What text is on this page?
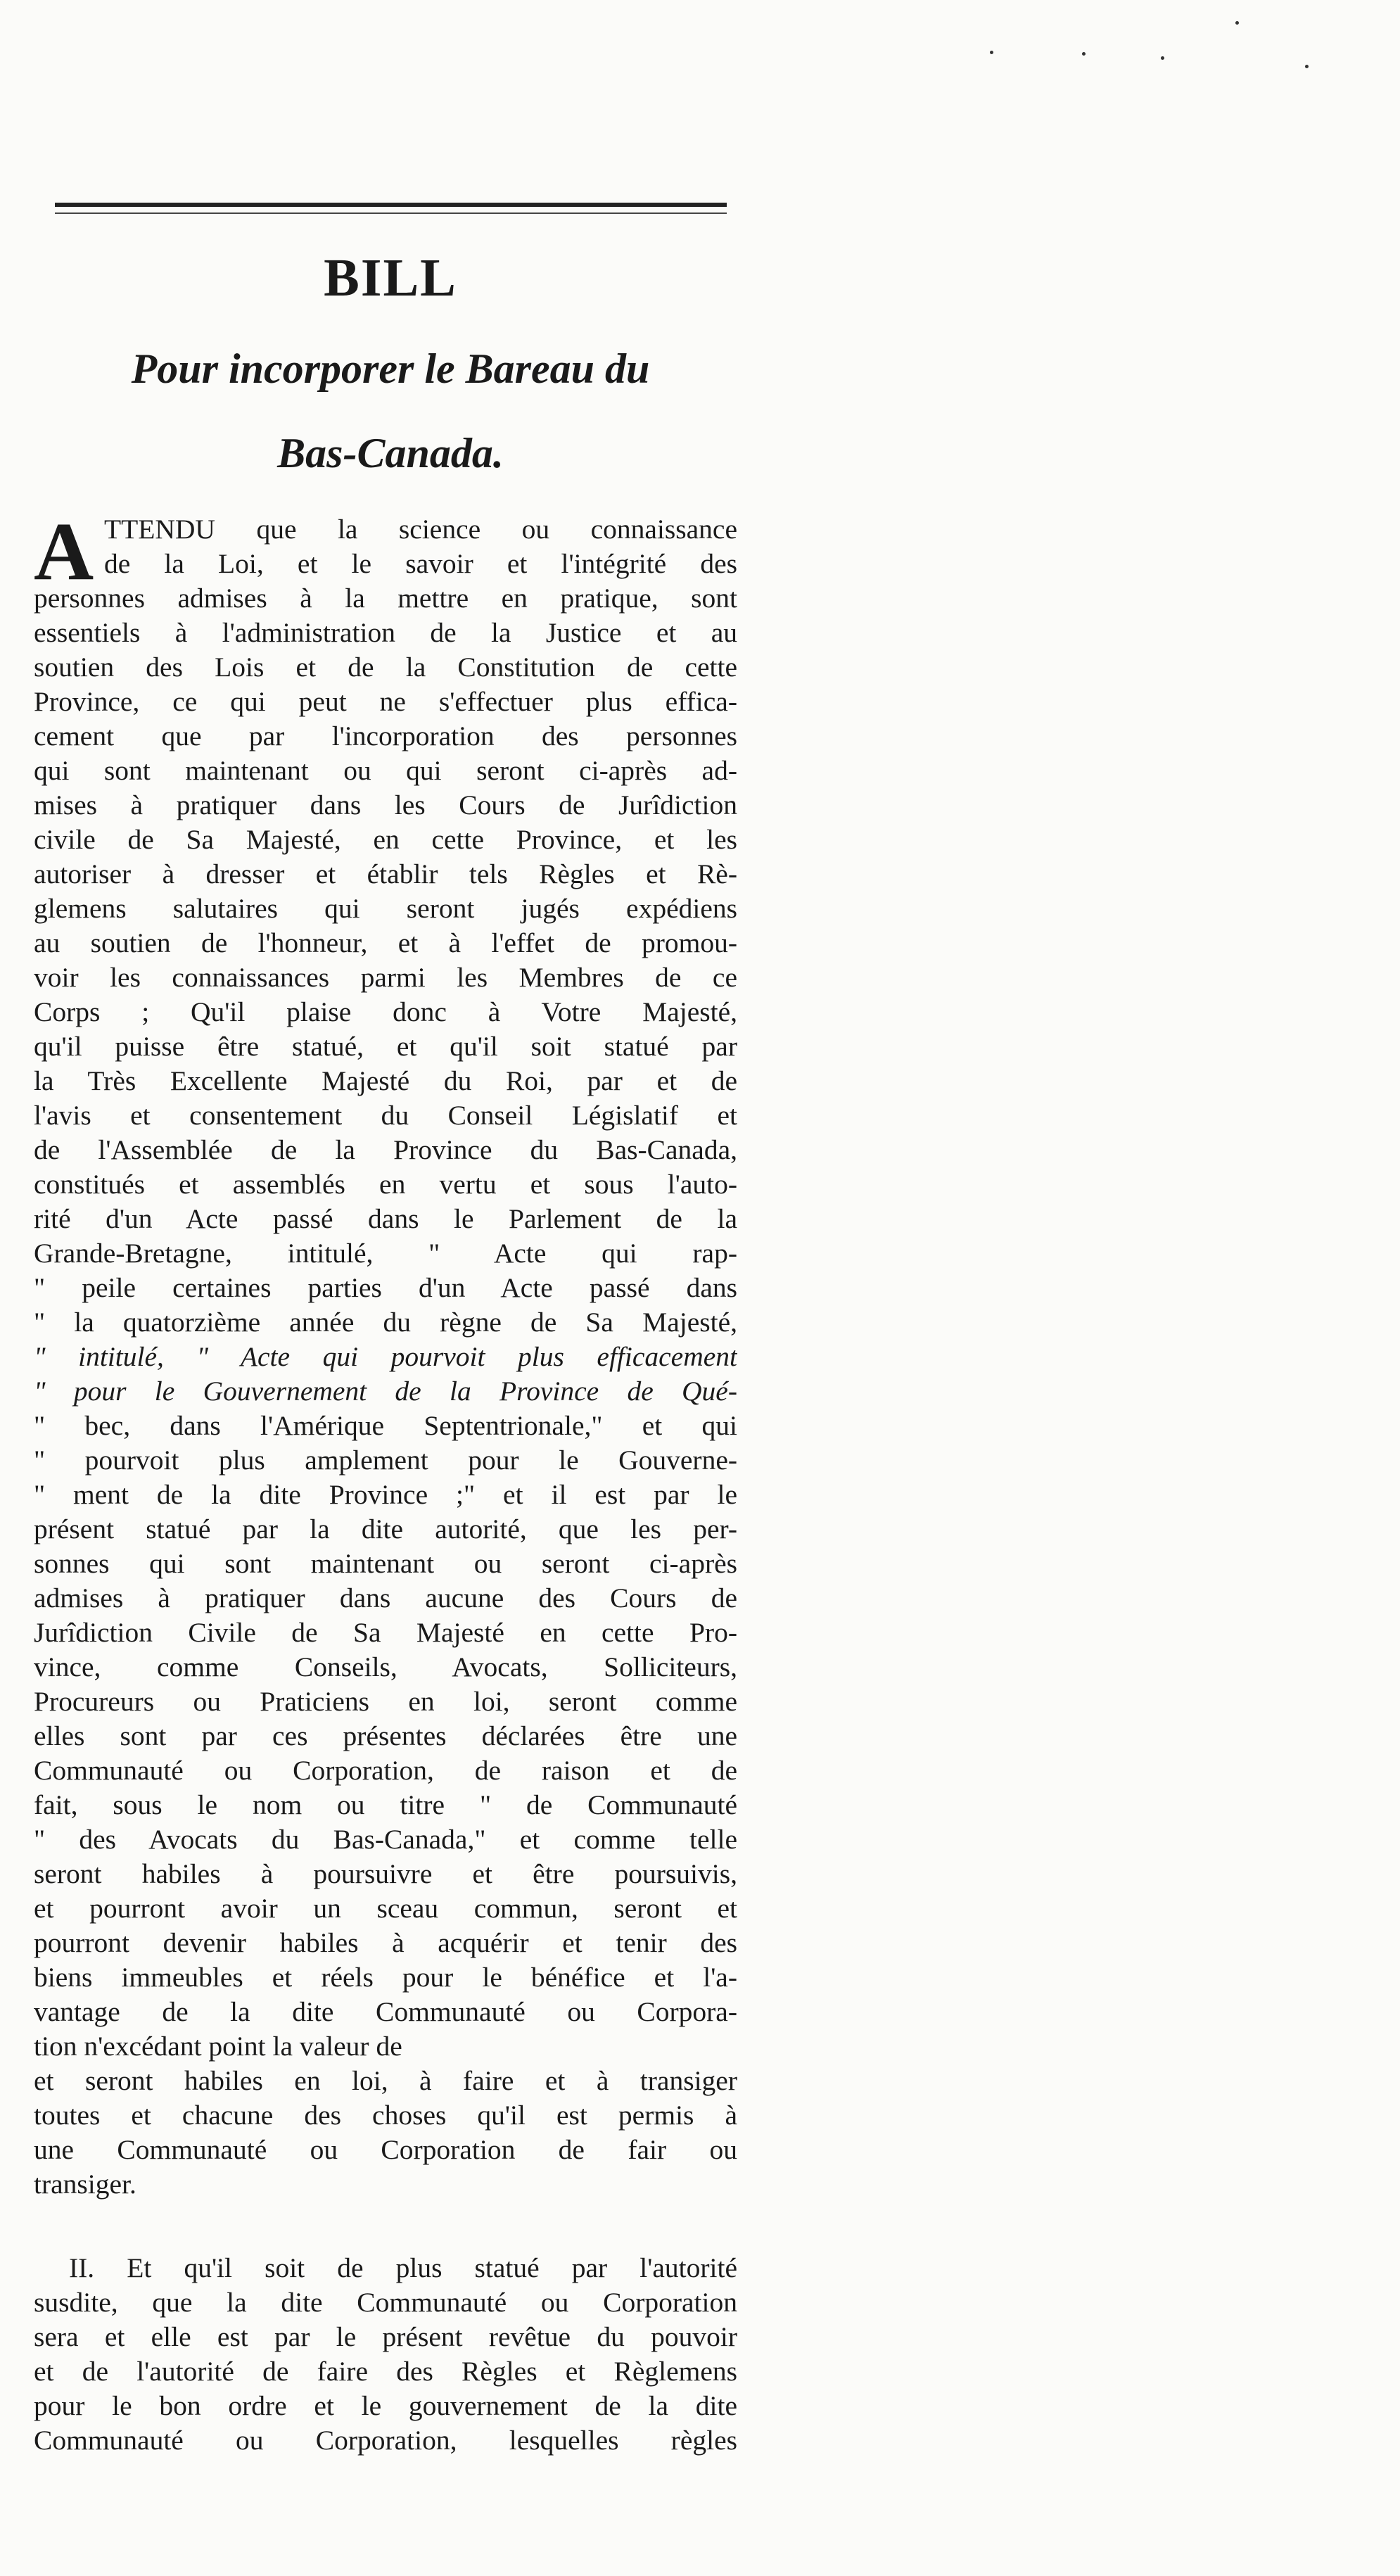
BILL
Pour incorporer le Bareau du
Bas-Canada.
A TTENDU que la science ou connaissance
de la Loi, et le savoir et l'intégrité des
personnes admises à la mettre en pratique, sont
essentiels à l'administration de la Justice et au
soutien des Lois et de la Constitution de cette
Province, ce qui peut ne s'effectuer plus effica-
cement que par l'incorporation des personnes
qui sont maintenant ou qui seront ci-après ad-
mises à pratiquer dans les Cours de Jurîdiction
civile de Sa Majesté, en cette Province, et les
autoriser à dresser et établir tels Règles et Rè-
glemens salutaires qui seront jugés expédiens
au soutien de l'honneur, et à l'effet de promou-
voir les connaissances parmi les Membres de ce
Corps ; Qu'il plaise donc à Votre Majesté,
qu'il puisse être statué, et qu'il soit statué par
la Très Excellente Majesté du Roi, par et de
l'avis et consentement du Conseil Législatif et
de l'Assemblée de la Province du Bas-Canada,
constitués et assemblés en vertu et sous l'auto-
rité d'un Acte passé dans le Parlement de la
Grande-Bretagne, intitulé, " Acte qui rap-
" peile certaines parties d'un Acte passé dans
" la quatorzième année du règne de Sa Majesté,
" intitulé, " Acte qui pourvoit plus efficacement
" pour le Gouvernement de la Province de Qué-
" bec, dans l'Amérique Septentrionale," et qui
" pourvoit plus amplement pour le Gouverne-
" ment de la dite Province ;" et il est par le
présent statué par la dite autorité, que les per-
sonnes qui sont maintenant ou seront ci-après
admises à pratiquer dans aucune des Cours de
Jurîdiction Civile de Sa Majesté en cette Pro-
vince, comme Conseils, Avocats, Solliciteurs,
Procureurs ou Praticiens en loi, seront comme
elles sont par ces présentes déclarées être une
Communauté ou Corporation, de raison et de
fait, sous le nom ou titre " de Communauté
" des Avocats du Bas-Canada," et comme telle
seront habiles à poursuivre et être poursuivis,
et pourront avoir un sceau commun, seront et
pourront devenir habiles à acquérir et tenir des
biens immeubles et réels pour le bénéfice et l'a-
vantage de la dite Communauté ou Corpora-
tion n'excédant point la valeur de
et seront habiles en loi, à faire et à transiger
toutes et chacune des choses qu'il est permis à
une Communauté ou Corporation de fair ou
transiger.
II. Et qu'il soit de plus statué par l'autorité
susdite, que la dite Communauté ou Corporation
sera et elle est par le présent revêtue du pouvoir
et de l'autorité de faire des Règles et Règlemens
pour le bon ordre et le gouvernement de la dite
Communauté ou Corporation, lesquelles règles
